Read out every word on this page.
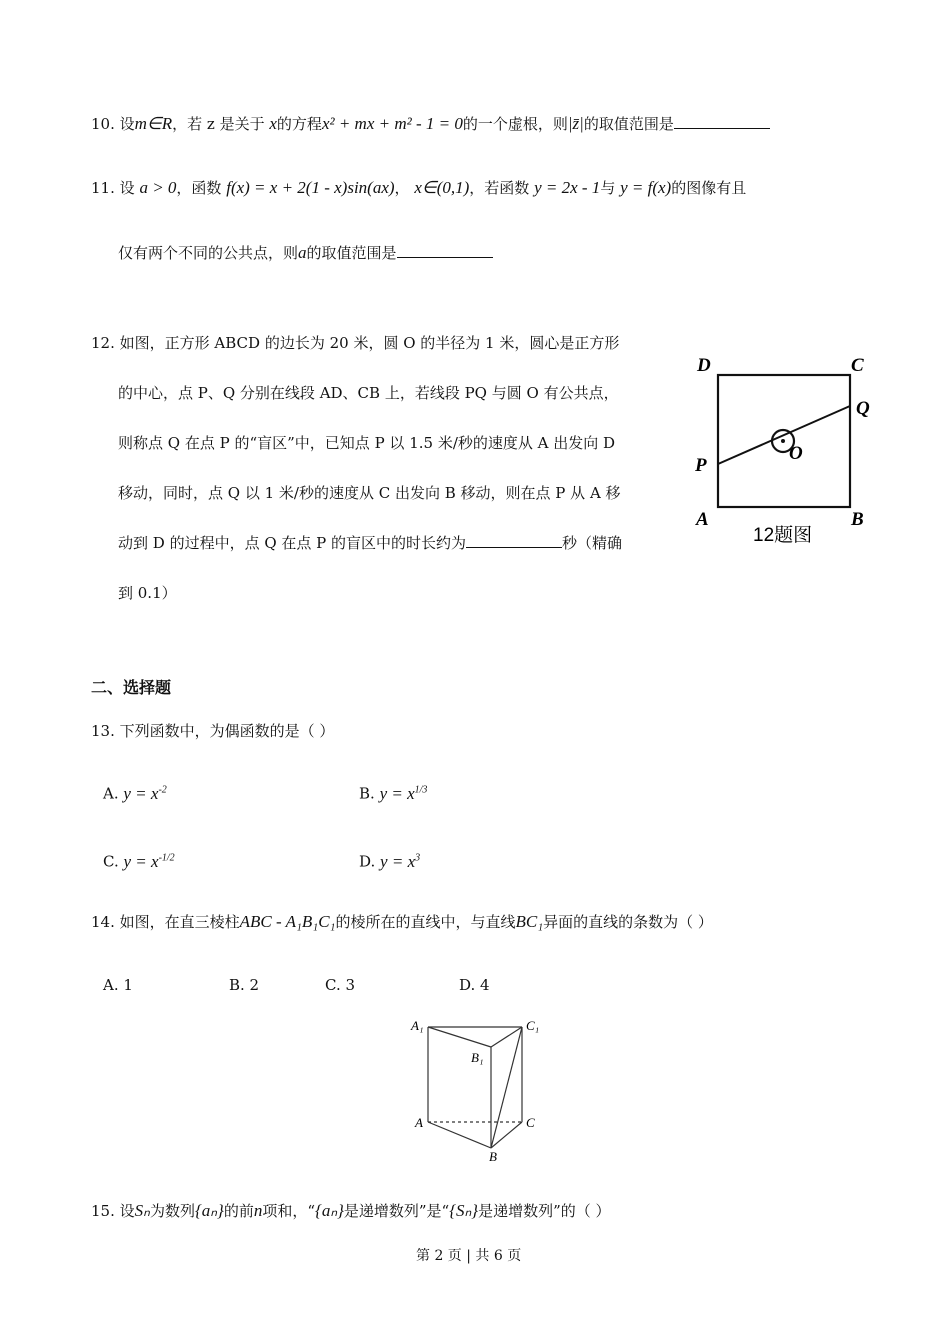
10. 设m∈R，若 z 是关于 x的方程x² + mx + m² - 1 = 0的一个虚根，则|z̄|的取值范围是
11. 设 a > 0，函数 f(x) = x + 2(1 - x)sin(ax)， x∈(0,1)，若函数 y = 2x - 1与 y = f(x)的图像有且
仅有两个不同的公共点，则a的取值范围是
12. 如图，正方形 ABCD 的边长为 20 米，圆 O 的半径为 1 米，圆心是正方形
的中心，点 P、Q 分别在线段 AD、CB 上，若线段 PQ 与圆 O 有公共点，
则称点 Q 在点 P 的“盲区”中，已知点 P 以 1.5 米/秒的速度从 A 出发向 D
移动，同时，点 Q 以 1 米/秒的速度从 C 出发向 B 移动，则在点 P 从 A 移
动到 D 的过程中，点 Q 在点 P 的盲区中的时长约为	秒（精确
到 0.1）
D	C
Q
P
O
A	B
12题图
二、选择题
13. 下列函数中，为偶函数的是（ ）
A. $y = x^{-2}$	B. $y = x^{1/3}$
C. $y = x^{-1/2}$	D. $y = x^3$
14. 如图，在直三棱柱ABC - A₁B₁C₁的棱所在的直线中，与直线BC₁异面的直线的条数为（ ）
A. 1	B. 2	C. 3	D. 4
A₁	C₁
B₁
A	C
B
15. 设Sₙ为数列{aₙ}的前n项和，“{aₙ}是递增数列”是“{Sₙ}是递增数列”的（ ）
第 2 页 | 共 6 页
